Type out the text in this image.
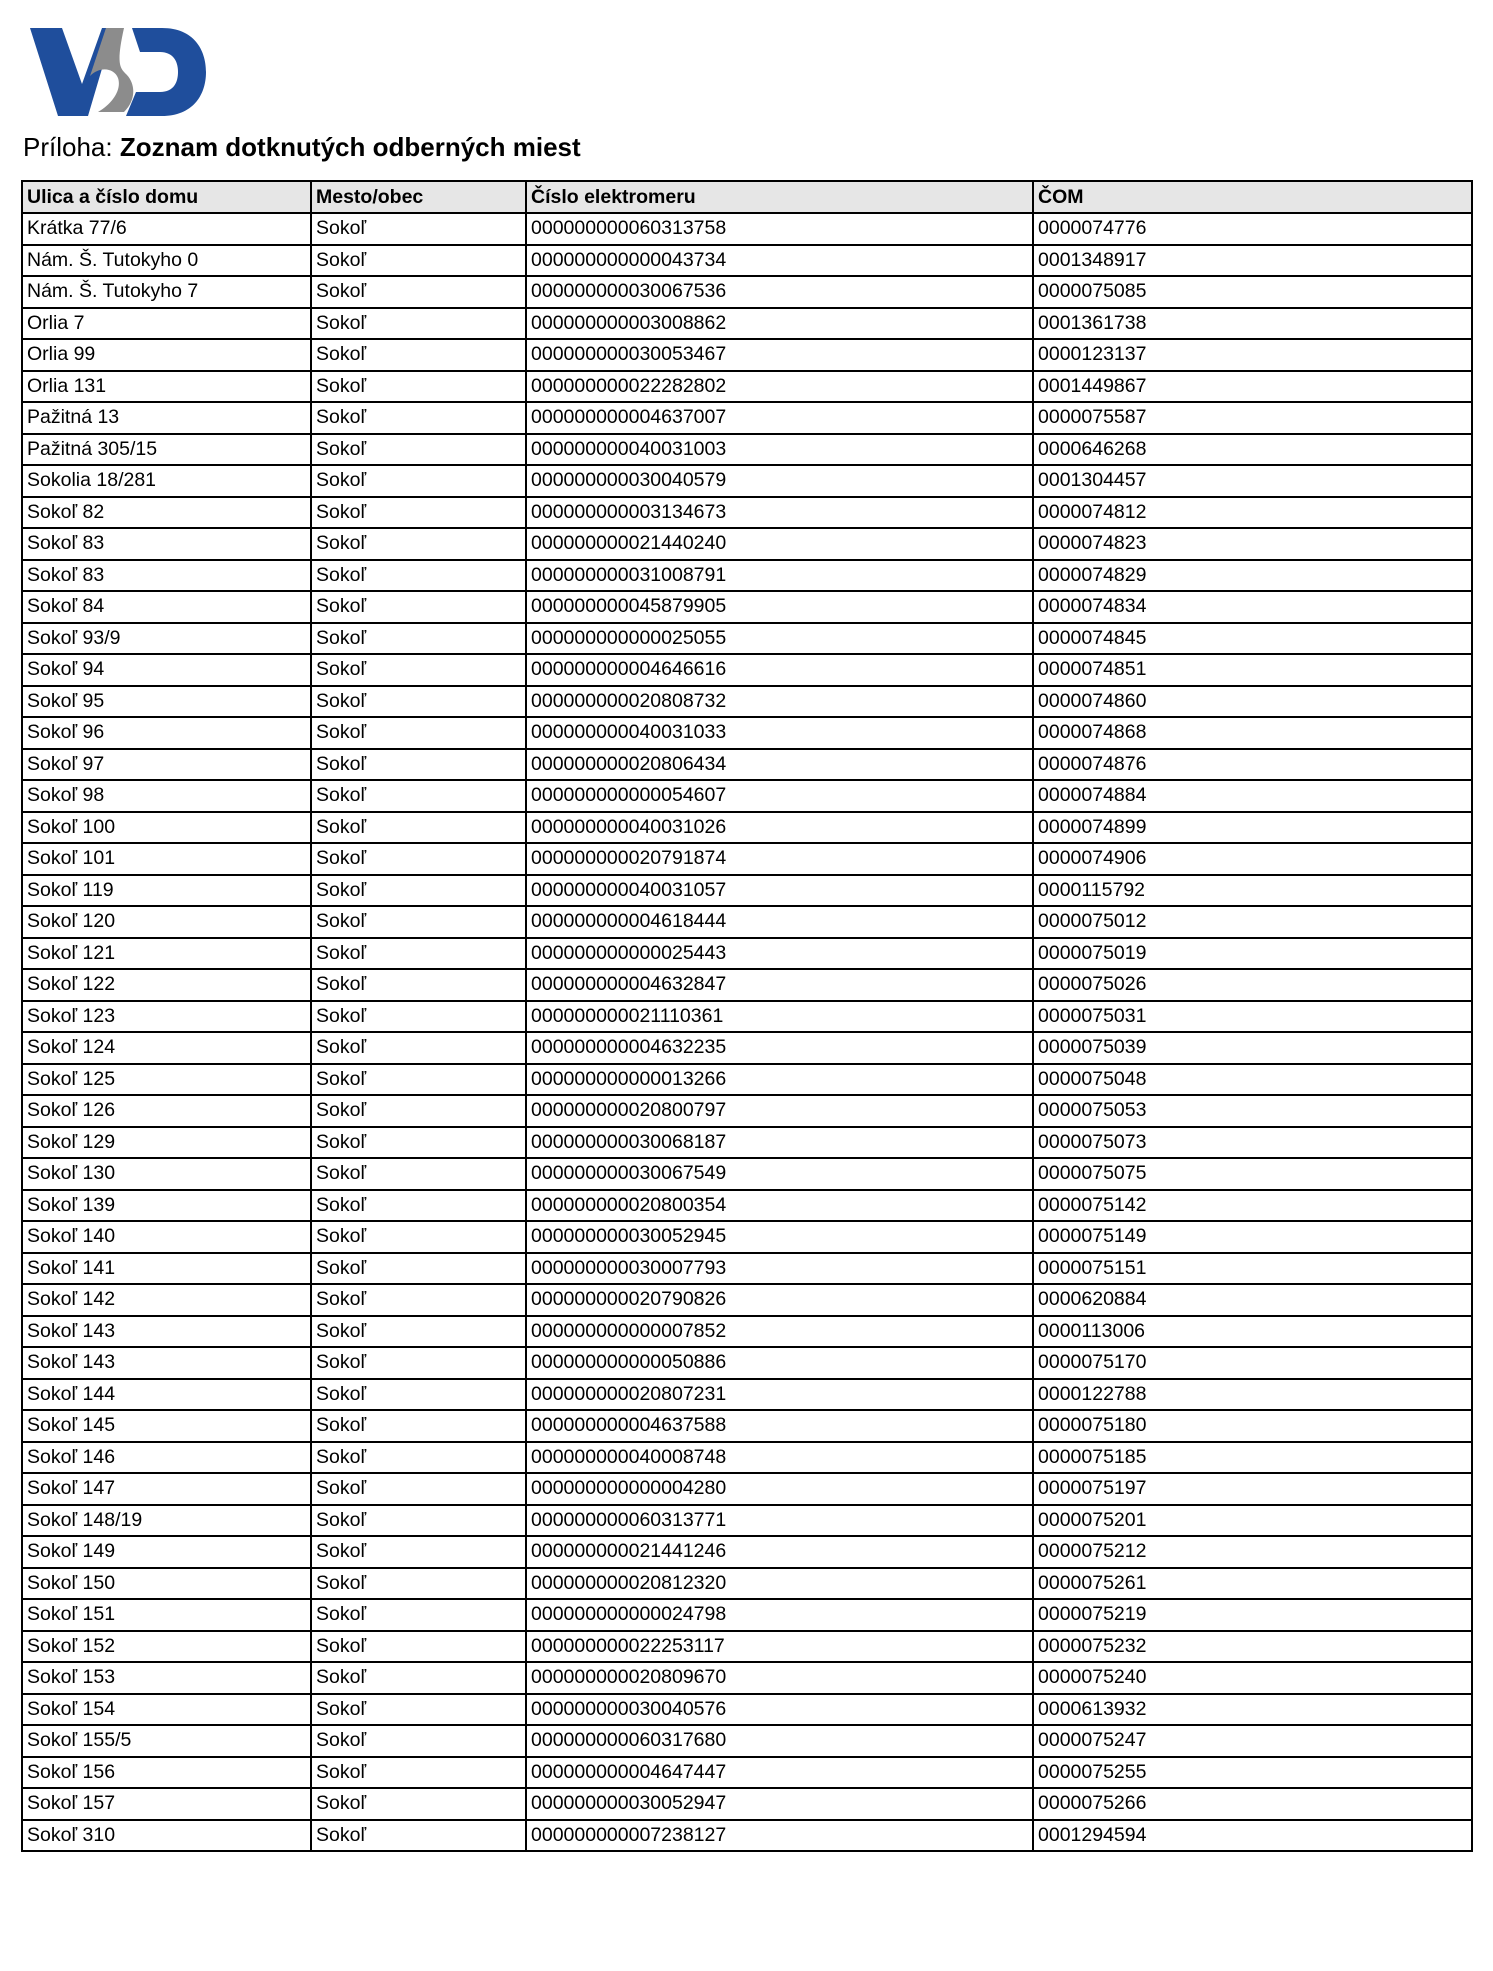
Príloha: Zoznam dotknutých odberných miest
Ulica a číslo domu	Mesto/obec	Číslo elektromeru	ČOM
Krátka 77/6	Sokoľ	000000000060313758	0000074776
Nám. Š. Tutokyho 0	Sokoľ	000000000000043734	0001348917
Nám. Š. Tutokyho 7	Sokoľ	000000000030067536	0000075085
Orlia 7	Sokoľ	000000000003008862	0001361738
Orlia 99	Sokoľ	000000000030053467	0000123137
Orlia 131	Sokoľ	000000000022282802	0001449867
Pažitná 13	Sokoľ	000000000004637007	0000075587
Pažitná 305/15	Sokoľ	000000000040031003	0000646268
Sokolia 18/281	Sokoľ	000000000030040579	0001304457
Sokoľ 82	Sokoľ	000000000003134673	0000074812
Sokoľ 83	Sokoľ	000000000021440240	0000074823
Sokoľ 83	Sokoľ	000000000031008791	0000074829
Sokoľ 84	Sokoľ	000000000045879905	0000074834
Sokoľ 93/9	Sokoľ	000000000000025055	0000074845
Sokoľ 94	Sokoľ	000000000004646616	0000074851
Sokoľ 95	Sokoľ	000000000020808732	0000074860
Sokoľ 96	Sokoľ	000000000040031033	0000074868
Sokoľ 97	Sokoľ	000000000020806434	0000074876
Sokoľ 98	Sokoľ	000000000000054607	0000074884
Sokoľ 100	Sokoľ	000000000040031026	0000074899
Sokoľ 101	Sokoľ	000000000020791874	0000074906
Sokoľ 119	Sokoľ	000000000040031057	0000115792
Sokoľ 120	Sokoľ	000000000004618444	0000075012
Sokoľ 121	Sokoľ	000000000000025443	0000075019
Sokoľ 122	Sokoľ	000000000004632847	0000075026
Sokoľ 123	Sokoľ	000000000021110361	0000075031
Sokoľ 124	Sokoľ	000000000004632235	0000075039
Sokoľ 125	Sokoľ	000000000000013266	0000075048
Sokoľ 126	Sokoľ	000000000020800797	0000075053
Sokoľ 129	Sokoľ	000000000030068187	0000075073
Sokoľ 130	Sokoľ	000000000030067549	0000075075
Sokoľ 139	Sokoľ	000000000020800354	0000075142
Sokoľ 140	Sokoľ	000000000030052945	0000075149
Sokoľ 141	Sokoľ	000000000030007793	0000075151
Sokoľ 142	Sokoľ	000000000020790826	0000620884
Sokoľ 143	Sokoľ	000000000000007852	0000113006
Sokoľ 143	Sokoľ	000000000000050886	0000075170
Sokoľ 144	Sokoľ	000000000020807231	0000122788
Sokoľ 145	Sokoľ	000000000004637588	0000075180
Sokoľ 146	Sokoľ	000000000040008748	0000075185
Sokoľ 147	Sokoľ	000000000000004280	0000075197
Sokoľ 148/19	Sokoľ	000000000060313771	0000075201
Sokoľ 149	Sokoľ	000000000021441246	0000075212
Sokoľ 150	Sokoľ	000000000020812320	0000075261
Sokoľ 151	Sokoľ	000000000000024798	0000075219
Sokoľ 152	Sokoľ	000000000022253117	0000075232
Sokoľ 153	Sokoľ	000000000020809670	0000075240
Sokoľ 154	Sokoľ	000000000030040576	0000613932
Sokoľ 155/5	Sokoľ	000000000060317680	0000075247
Sokoľ 156	Sokoľ	000000000004647447	0000075255
Sokoľ 157	Sokoľ	000000000030052947	0000075266
Sokoľ 310	Sokoľ	000000000007238127	0001294594
